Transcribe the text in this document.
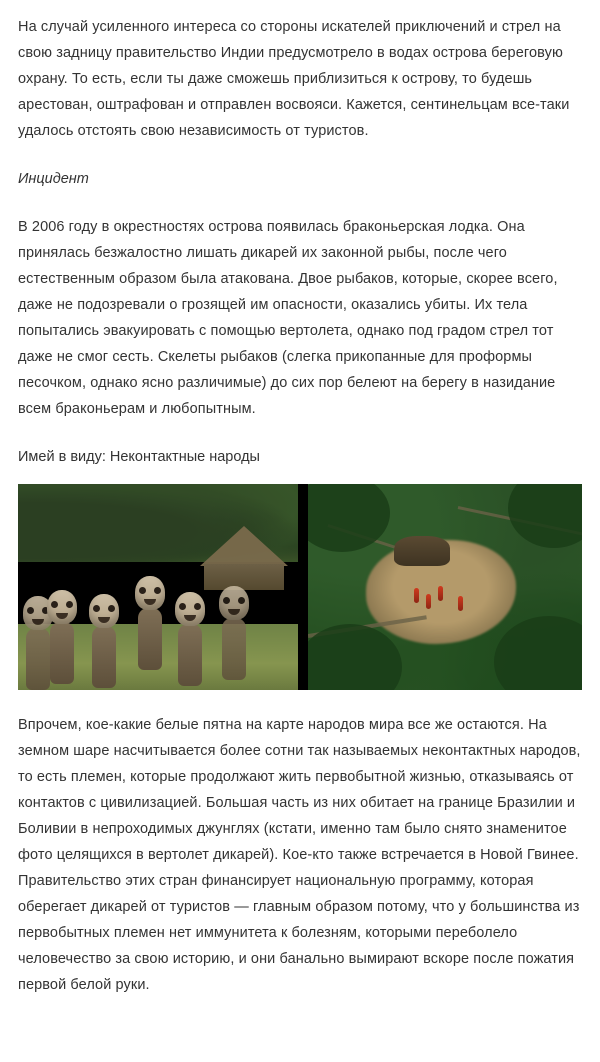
На случай усиленного интереса со стороны искателей приключений и стрел на свою задницу правительство Индии предусмотрело в водах острова береговую охрану. То есть, если ты даже сможешь приблизиться к острову, то будешь арестован, оштрафован и отправлен восвояси. Кажется, сентинельцам все-таки удалось отстоять свою независимость от туристов.

Инцидент

В 2006 году в окрестностях острова появилась браконьерская лодка. Она принялась безжалостно лишать дикарей их законной рыбы, после чего естественным образом была атакована. Двое рыбаков, которые, скорее всего, даже не подозревали о грозящей им опасности, оказались убиты. Их тела попытались эвакуировать с помощью вертолета, однако под градом стрел тот даже не смог сесть. Скелеты рыбаков (слегка прикопанные для проформы песочком, однако ясно различимые) до сих пор белеют на берегу в назидание всем браконьерам и любопытным.

Имей в виду: Неконтактные народы

Впрочем, кое-какие белые пятна на карте народов мира все же остаются. На земном шаре насчитывается более сотни так называемых неконтактных народов, то есть племен, которые продолжают жить первобытной жизнью, отказываясь от контактов с цивилизацией. Большая часть из них обитает на границе Бразилии и Боливии в непроходимых джунглях (кстати, именно там было снято знаменитое фото целящихся в вертолет дикарей). Кое-кто также встречается в Новой Гвинее. Правительство этих стран финансирует национальную программу, которая оберегает дикарей от туристов — главным образом потому, что у большинства из первобытных племен нет иммунитета к болезням, которыми переболело человечество за свою историю, и они банально вымирают вскоре после пожатия первой белой руки.
